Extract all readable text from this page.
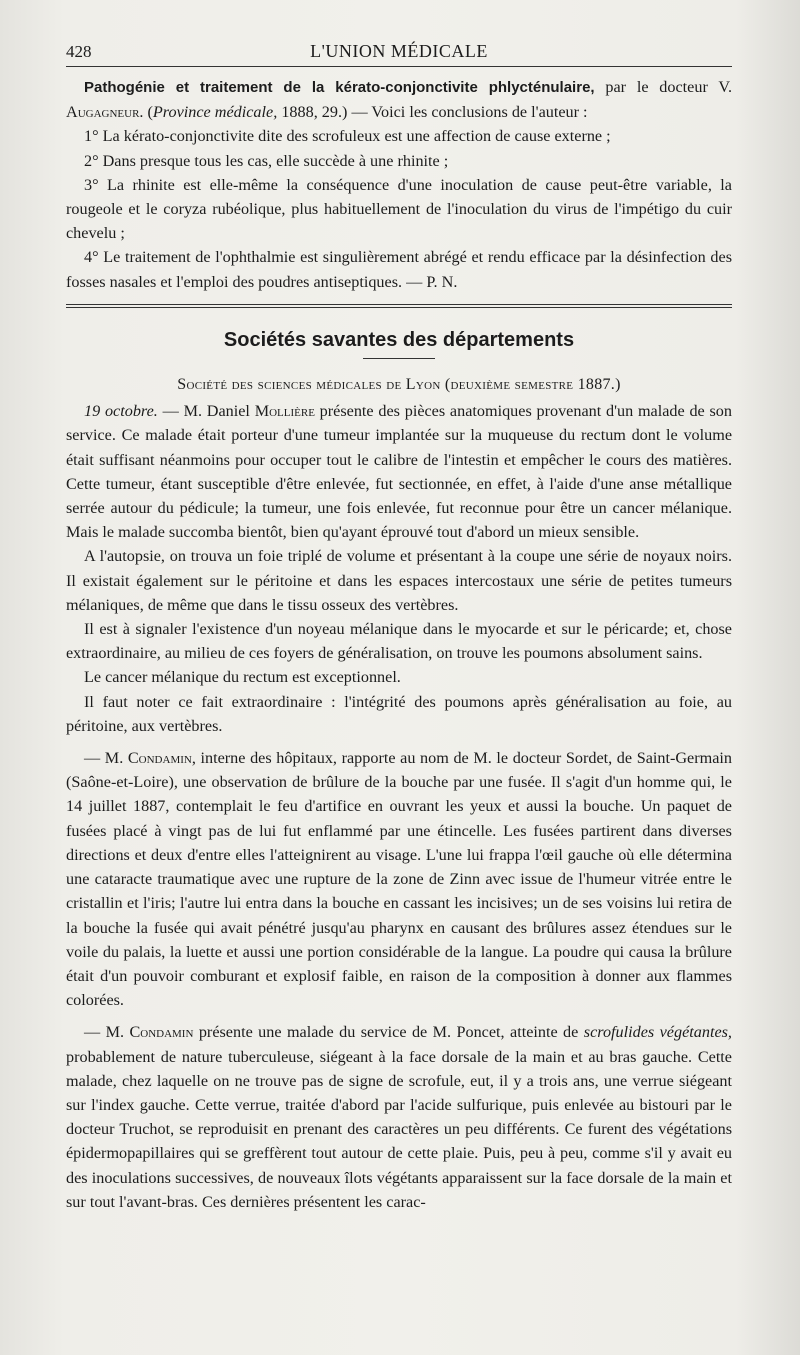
428	L'UNION MÉDICALE

Pathogénie et traitement de la kérato-conjonctivite phlycténulaire, par le docteur V. Augagneur. (Province médicale, 1888, 29.) — Voici les conclusions de l'auteur :

1° La kérato-conjonctivite dite des scrofuleux est une affection de cause externe ;

2° Dans presque tous les cas, elle succède à une rhinite ;

3° La rhinite est elle-même la conséquence d'une inoculation de cause peut-être variable, la rougeole et le coryza rubéolique, plus habituellement de l'inoculation du virus de l'impétigo du cuir chevelu ;

4° Le traitement de l'ophthalmie est singulièrement abrégé et rendu efficace par la désinfection des fosses nasales et l'emploi des poudres antiseptiques. — P. N.

Sociétés savantes des départements
Société des sciences médicales de Lyon (deuxième semestre 1887.)

19 octobre. — M. Daniel Mollière présente des pièces anatomiques provenant d'un malade de son service. Ce malade était porteur d'une tumeur implantée sur la muqueuse du rectum dont le volume était suffisant néanmoins pour occuper tout le calibre de l'intestin et empêcher le cours des matières. Cette tumeur, étant susceptible d'être enlevée, fut sectionnée, en effet, à l'aide d'une anse métallique serrée autour du pédicule; la tumeur, une fois enlevée, fut reconnue pour être un cancer mélanique. Mais le malade succomba bientôt, bien qu'ayant éprouvé tout d'abord un mieux sensible.

A l'autopsie, on trouva un foie triplé de volume et présentant à la coupe une série de noyaux noirs. Il existait également sur le péritoine et dans les espaces intercostaux une série de petites tumeurs mélaniques, de même que dans le tissu osseux des vertèbres.

Il est à signaler l'existence d'un noyeau mélanique dans le myocarde et sur le péricarde; et, chose extraordinaire, au milieu de ces foyers de généralisation, on trouve les poumons absolument sains.

Le cancer mélanique du rectum est exceptionnel.

Il faut noter ce fait extraordinaire : l'intégrité des poumons après généralisation au foie, au péritoine, aux vertèbres.

— M. Condamin, interne des hôpitaux, rapporte au nom de M. le docteur Sordet, de Saint-Germain (Saône-et-Loire), une observation de brûlure de la bouche par une fusée. Il s'agit d'un homme qui, le 14 juillet 1887, contemplait le feu d'artifice en ouvrant les yeux et aussi la bouche. Un paquet de fusées placé à vingt pas de lui fut enflammé par une étincelle. Les fusées partirent dans diverses directions et deux d'entre elles l'atteignirent au visage. L'une lui frappa l'œil gauche où elle détermina une cataracte traumatique avec une rupture de la zone de Zinn avec issue de l'humeur vitrée entre le cristallin et l'iris; l'autre lui entra dans la bouche en cassant les incisives; un de ses voisins lui retira de la bouche la fusée qui avait pénétré jusqu'au pharynx en causant des brûlures assez étendues sur le voile du palais, la luette et aussi une portion considérable de la langue. La poudre qui causa la brûlure était d'un pouvoir comburant et explosif faible, en raison de la composition à donner aux flammes colorées.

— M. Condamin présente une malade du service de M. Poncet, atteinte de scrofulides végétantes, probablement de nature tuberculeuse, siégeant à la face dorsale de la main et au bras gauche. Cette malade, chez laquelle on ne trouve pas de signe de scrofule, eut, il y a trois ans, une verrue siégeant sur l'index gauche. Cette verrue, traitée d'abord par l'acide sulfurique, puis enlevée au bistouri par le docteur Truchot, se reproduisit en prenant des caractères un peu différents. Ce furent des végétations épidermopapillaires qui se greffèrent tout autour de cette plaie. Puis, peu à peu, comme s'il y avait eu des inoculations successives, de nouveaux îlots végétants apparaissent sur la face dorsale de la main et sur tout l'avant-bras. Ces dernières présentent les carac-
